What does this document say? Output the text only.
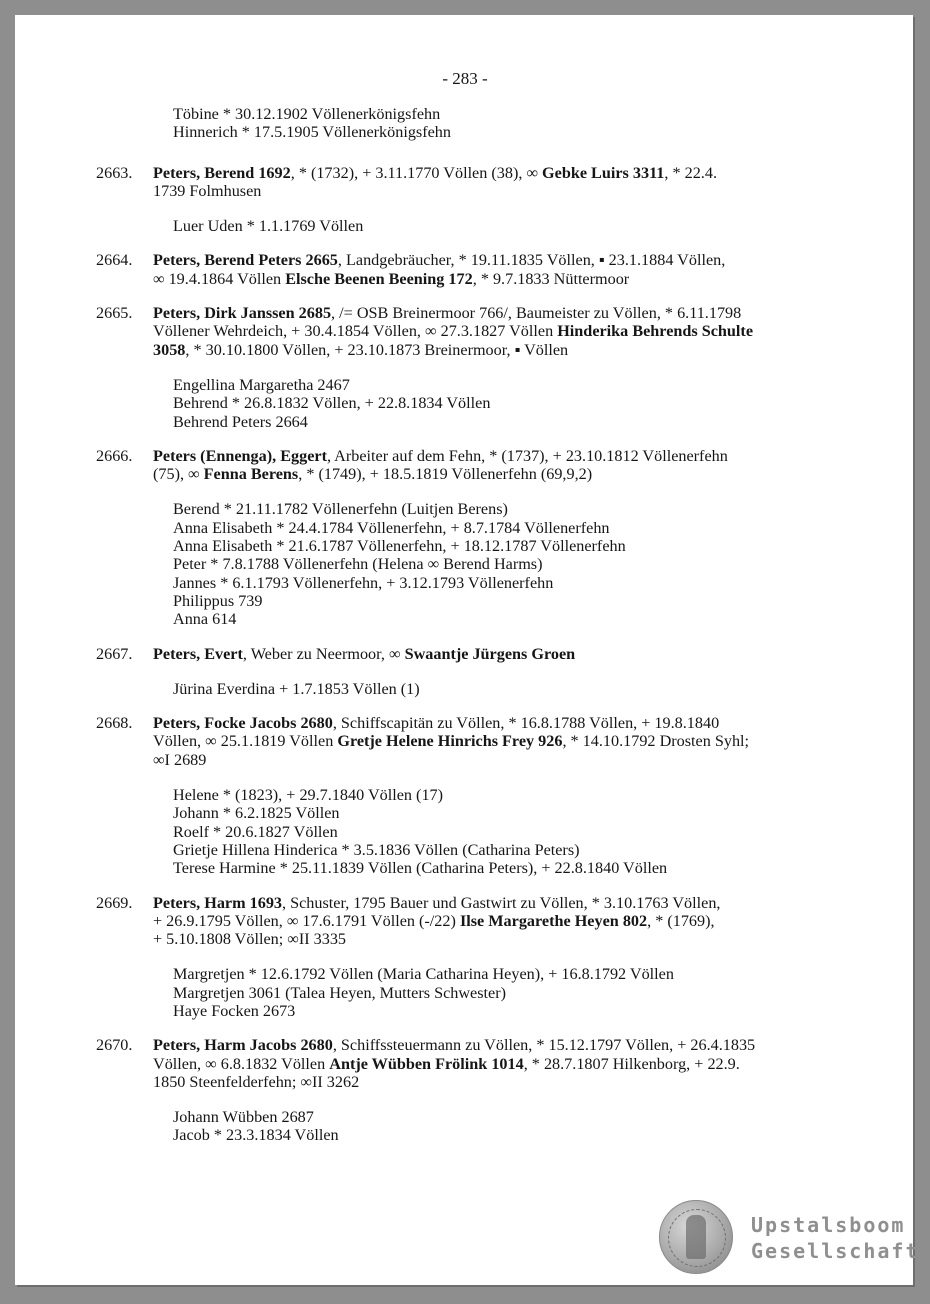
- 283 -
Töbine * 30.12.1902 Völlenerkönigsfehn
Hinnerich * 17.5.1905 Völlenerkönigsfehn
2663. Peters, Berend 1692, * (1732), + 3.11.1770 Völlen (38), ∞ Gebke Luirs 3311, * 22.4.
1739 Folmhusen
Luer Uden * 1.1.1769 Völlen
2664. Peters, Berend Peters 2665, Landgebräucher, * 19.11.1835 Völlen, ▪ 23.1.1884 Völlen,
∞ 19.4.1864 Völlen Elsche Beenen Beening 172, * 9.7.1833 Nüttermoor
2665. Peters, Dirk Janssen 2685, /= OSB Breinermoor 766/, Baumeister zu Völlen, * 6.11.1798
Völlener Wehrdeich, + 30.4.1854 Völlen, ∞ 27.3.1827 Völlen Hinderika Behrends Schulte
3058, * 30.10.1800 Völlen, + 23.10.1873 Breinermoor, ▪ Völlen
Engellina Margaretha 2467
Behrend * 26.8.1832 Völlen, + 22.8.1834 Völlen
Behrend Peters 2664
2666. Peters (Ennenga), Eggert, Arbeiter auf dem Fehn, * (1737), + 23.10.1812 Völlenerfehn
(75), ∞ Fenna Berens, * (1749), + 18.5.1819 Völlenerfehn (69,9,2)
Berend * 21.11.1782 Völlenerfehn (Luitjen Berens)
Anna Elisabeth * 24.4.1784 Völlenerfehn, + 8.7.1784 Völlenerfehn
Anna Elisabeth * 21.6.1787 Völlenerfehn, + 18.12.1787 Völlenerfehn
Peter * 7.8.1788 Völlenerfehn (Helena ∞ Berend Harms)
Jannes * 6.1.1793 Völlenerfehn, + 3.12.1793 Völlenerfehn
Philippus 739
Anna 614
2667. Peters, Evert, Weber zu Neermoor, ∞ Swaantje Jürgens Groen
Jürina Everdina + 1.7.1853 Völlen (1)
2668. Peters, Focke Jacobs 2680, Schiffscapitän zu Völlen, * 16.8.1788 Völlen, + 19.8.1840
Völlen, ∞ 25.1.1819 Völlen Gretje Helene Hinrichs Frey 926, * 14.10.1792 Drosten Syhl;
∞I 2689
Helene * (1823), + 29.7.1840 Völlen (17)
Johann * 6.2.1825 Völlen
Roelf * 20.6.1827 Völlen
Grietje Hillena Hinderica * 3.5.1836 Völlen (Catharina Peters)
Terese Harmine * 25.11.1839 Völlen (Catharina Peters), + 22.8.1840 Völlen
2669. Peters, Harm 1693, Schuster, 1795 Bauer und Gastwirt zu Völlen, * 3.10.1763 Völlen,
+ 26.9.1795 Völlen, ∞ 17.6.1791 Völlen (-/22) Ilse Margarethe Heyen 802, * (1769),
+ 5.10.1808 Völlen; ∞II 3335
Margretjen * 12.6.1792 Völlen (Maria Catharina Heyen), + 16.8.1792 Völlen
Margretjen 3061 (Talea Heyen, Mutters Schwester)
Haye Focken 2673
2670. Peters, Harm Jacobs 2680, Schiffssteuermann zu Völlen, * 15.12.1797 Völlen, + 26.4.1835
Völlen, ∞ 6.8.1832 Völlen Antje Wübben Frölink 1014, * 28.7.1807 Hilkenborg, + 22.9.
1850 Steenfelderfehn; ∞II 3262
Johann Wübben 2687
Jacob * 23.3.1834 Völlen
Upstalsboom
Gesellschaft
